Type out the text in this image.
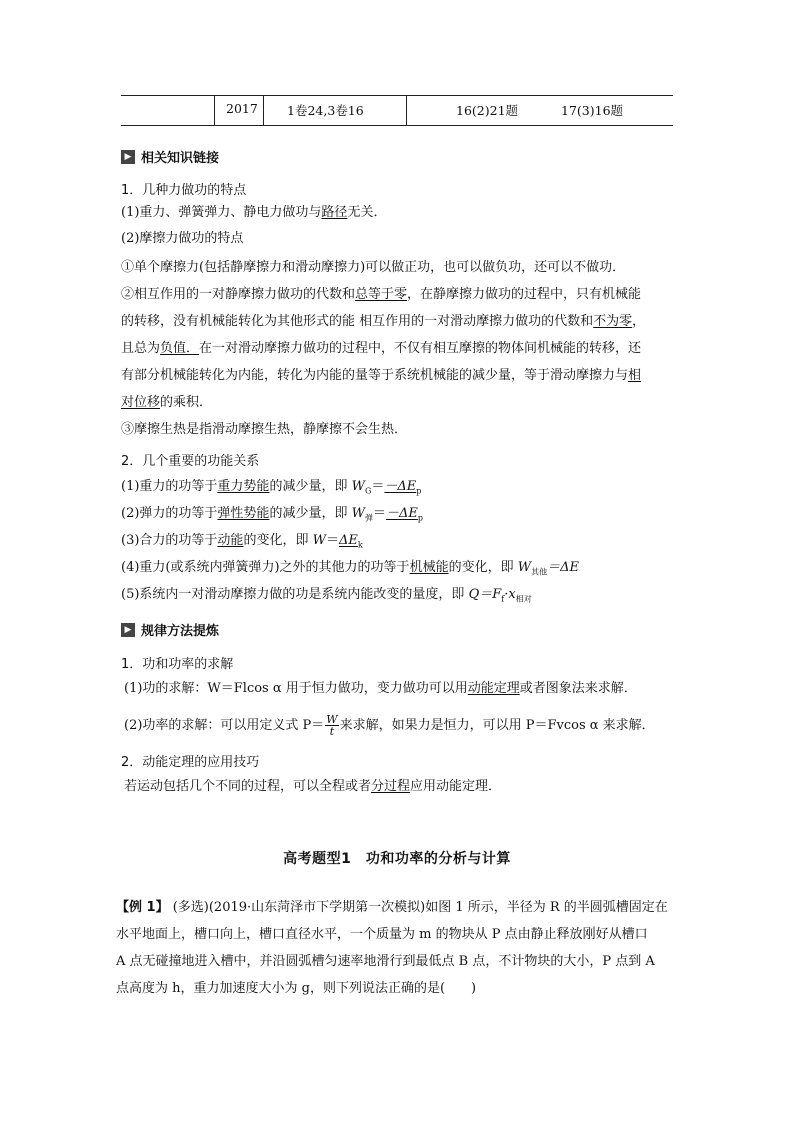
2017 1卷24,3卷16	16(2)21题	17(3)16题
▶ 相关知识链接
1．几种力做功的特点
(1)重力、弹簧弹力、静电力做功与路径无关．
(2)摩擦力做功的特点
①单个摩擦力(包括静摩擦力和滑动摩擦力)可以做正功，也可以做负功，还可以不做功．
②相互作用的一对静摩擦力做功的代数和总等于零，在静摩擦力做功的过程中，只有机械能
的转移，没有机械能转化为其他形式的能 相互作用的一对滑动摩擦力做功的代数和不为零，
且总为负值．在一对滑动摩擦力做功的过程中，不仅有相互摩擦的物体间机械能的转移，还
有部分机械能转化为内能，转化为内能的量等于系统机械能的减少量，等于滑动摩擦力与相
对位移的乘积．
③摩擦生热是指滑动摩擦生热，静摩擦不会生热．
2．几个重要的功能关系
(1)重力的功等于重力势能的减少量，即 $W_G=-\Delta E_p$
(2)弹力的功等于弹性势能的减少量，即 $W_弹=-\Delta E_p$
(3)合力的功等于动能的变化，即 $W=\Delta E_k$
(4)重力(或系统内弹簧弹力)之外的其他力的功等于机械能的变化，即 $W_{其他}=\Delta E$
(5)系统内一对滑动摩擦力做的功是系统内能改变的量度，即 $Q=F_f\cdot x_{相对}$
▶ 规律方法提炼
1．功和功率的求解
(1)功的求解：W＝Flcos α 用于恒力做功，变力做功可以用动能定理或者图象法来求解．
(2)功率的求解：可以用定义式 $P= \frac{W}{t}$ 来求解，如果力是恒力，可以用 P＝Fvcos α 来求解．
2．动能定理的应用技巧
若运动包括几个不同的过程，可以全程或者分过程应用动能定理．
高考题型1　功和功率的分析与计算
【例 1】 (多选)(2019·山东菏泽市下学期第一次模拟)如图 1 所示，半径为 R 的半圆弧槽固定在
水平地面上，槽口向上，槽口直径水平，一个质量为 m 的物块从 P 点由静止释放刚好从槽口
A 点无碰撞地进入槽中，并沿圆弧槽匀速率地滑行到最低点 B 点，不计物块的大小，P 点到 A
点高度为 h，重力加速度大小为 g，则下列说法正确的是(　　)
